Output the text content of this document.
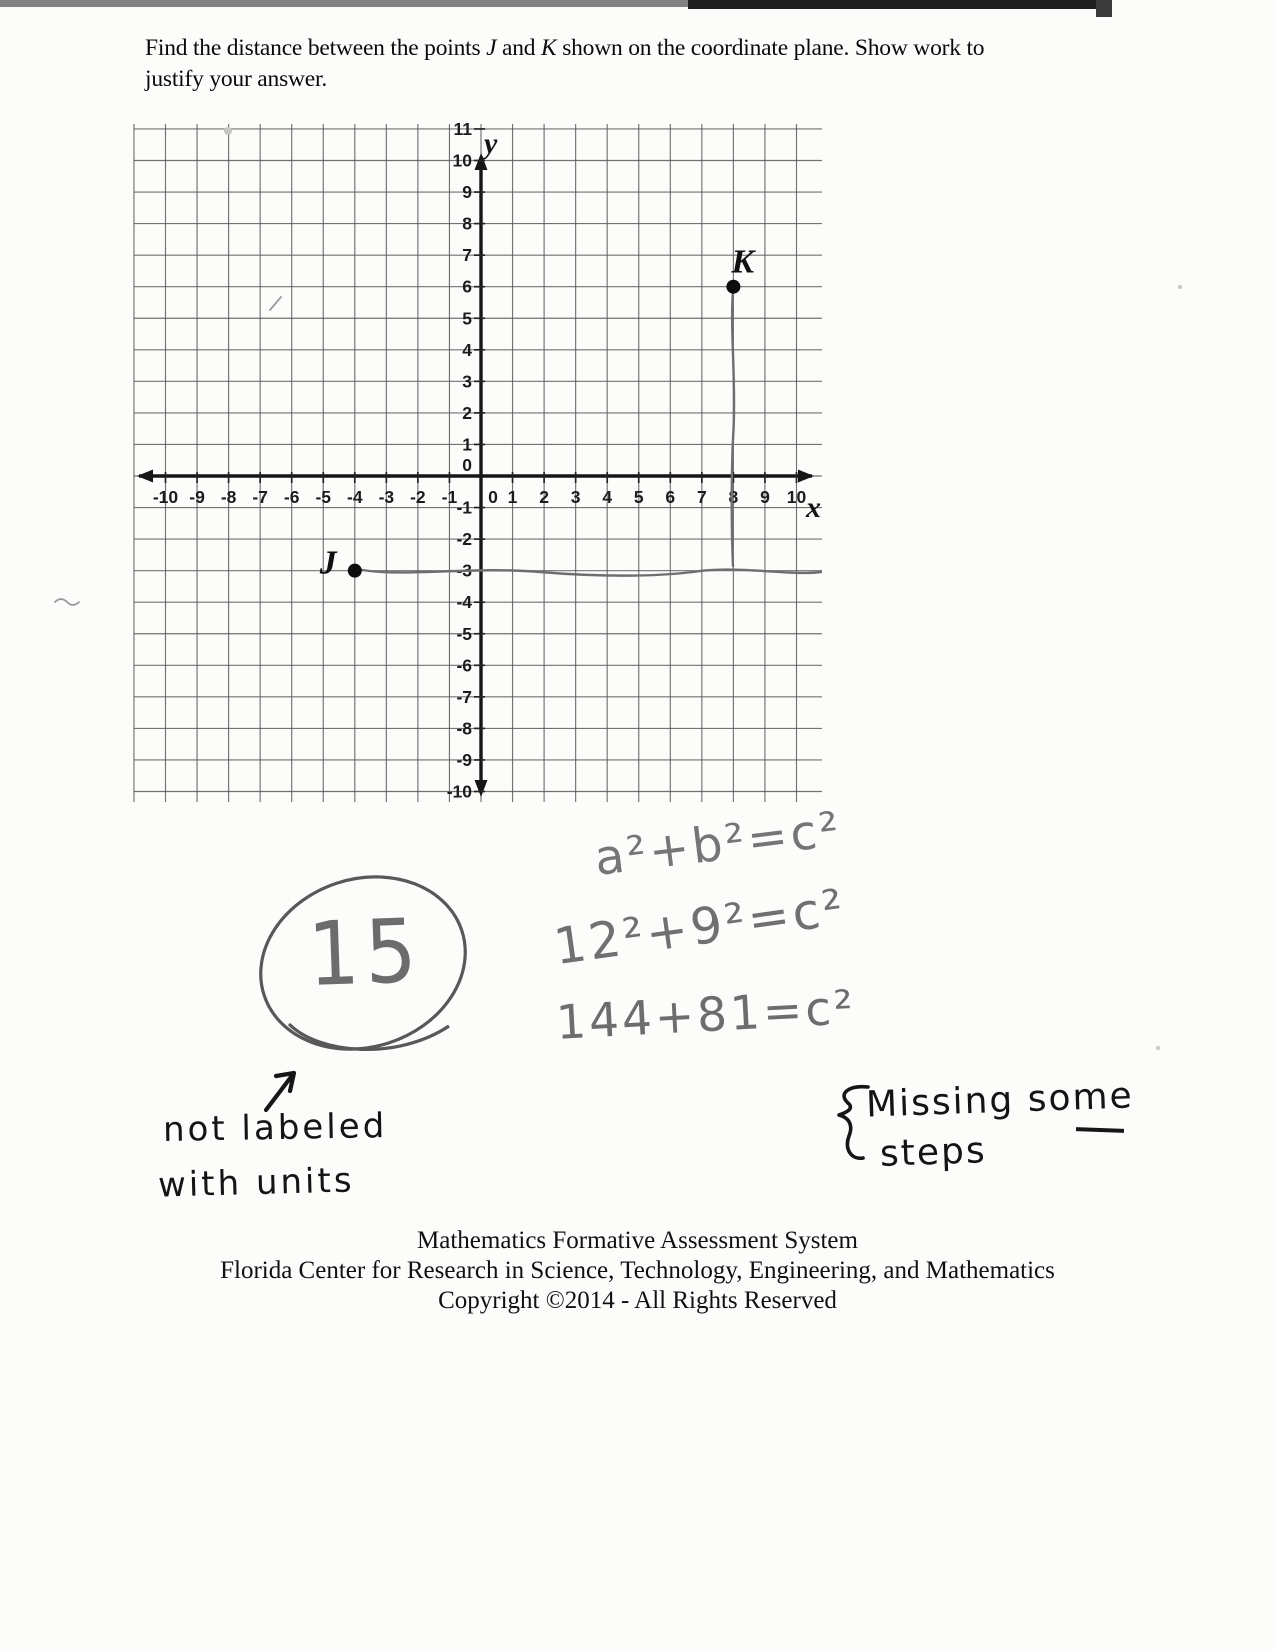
Find the distance between the points J and K shown on the coordinate plane. Show work to
justify your answer.
-10 -9 -8 -7 -6 -5 -4 -3 -2 -1 0 1 2 3 4 5 6 7 8 9 10
11
10
9
8
7
6
5
4
3
2
1
0
-1
-2
-3
-4
-5
-6
-7
-8
-9
-10
y
x
J
K
a²+b²=c²
12²+9²=c²
144+81=c²
15
not labeled
with units
Missing some
steps
Mathematics Formative Assessment System
Florida Center for Research in Science, Technology, Engineering, and Mathematics
Copyright ©2014 - All Rights Reserved
